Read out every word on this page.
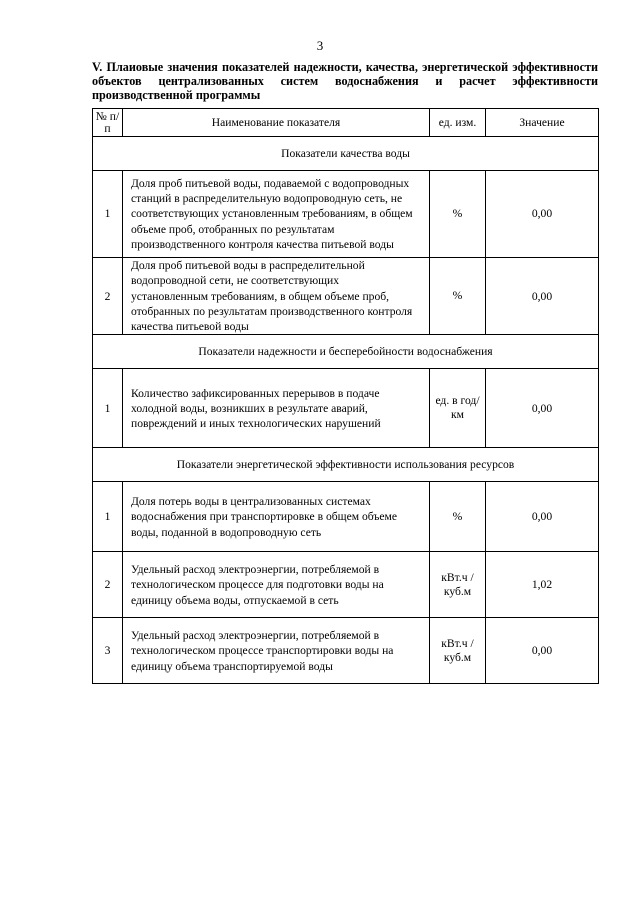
3
V. Плаиовые значения показателей надежности, качества, энергетической эффективности объектов централизованных систем водоснабжения и расчет эффективности производственной программы
№ п/п	Наименование показателя	ед. изм.	Значение
Показатели качества воды			
1	Доля проб питьевой воды, подаваемой с водопроводных станций в распределительную водопроводную сеть, не соответствующих установленным требованиям, в общем объеме проб, отобранных по результатам производственного контроля качества питьевой воды	%	0,00
2	Доля проб питьевой воды в распределительной водопроводной сети, не соответствующих установленным требованиям, в общем объеме проб, отобранных по результатам производственного контроля качества питьевой воды	%	0,00
Показатели надежности и бесперебойности водоснабжения			
1	Количество зафиксированных перерывов в подаче холодной воды, возникших в результате аварий, повреждений и иных технологических нарушений	ед. в год/ км	0,00
Показатели энергетической эффективности использования ресурсов			
1	Доля потерь воды в централизованных системах водоснабжения при транспортировке в общем объеме воды, поданной в водопроводную сеть	%	0,00
2	Удельный расход электроэнергии, потребляемой в технологическом процессе для подготовки воды на единицу объема воды, отпускаемой в сеть	кВт.ч / куб.м	1,02
3	Удельный расход электроэнергии, потребляемой в технологическом процессе транспортировки воды на единицу объема транспортируемой воды	кВт.ч / куб.м	0,00
